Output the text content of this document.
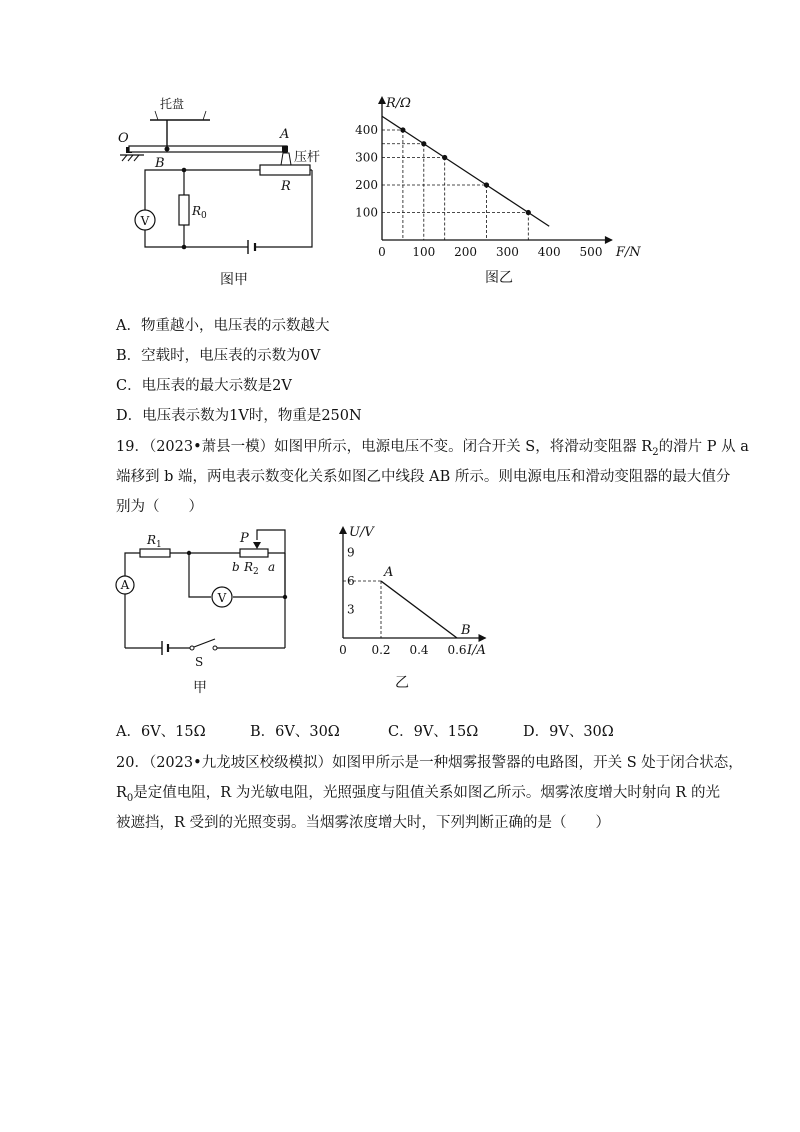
V
O	A
B
托盘
压杆
R
$R_0$
图甲
R/Ω
F/N
0 100 200 300 400 500
100
200
300
400
图乙
A．物重越小，电压表的示数越大
B．空载时，电压表的示数为0V
C．电压表的最大示数是2V
D．电压表示数为1V时，物重是250N
19．（2023•萧县一模）如图甲所示，电源电压不变。闭合开关 S，将滑动变阻器 $R_2$的滑片 P 从 a
端移到 b 端，两电表示数变化关系如图乙中线段 AB 所示。则电源电压和滑动变阻器的最大值分
别为（　　）
$R_1$	P
b $R_2$ a
A
V
S
甲
U/V
I/A
0 0.2 0.4 0.6
3
6
9
A
B
乙
A．6V、15Ω	B．6V、30Ω	C．9V、15Ω	D．9V、30Ω
20．（2023•九龙坡区校级模拟）如图甲所示是一种烟雾报警器的电路图，开关 S 处于闭合状态，
$R_0$是定值电阻，R 为光敏电阻，光照强度与阻值关系如图乙所示。烟雾浓度增大时射向 R 的光
被遮挡，R 受到的光照变弱。当烟雾浓度增大时，下列判断正确的是（　　）
